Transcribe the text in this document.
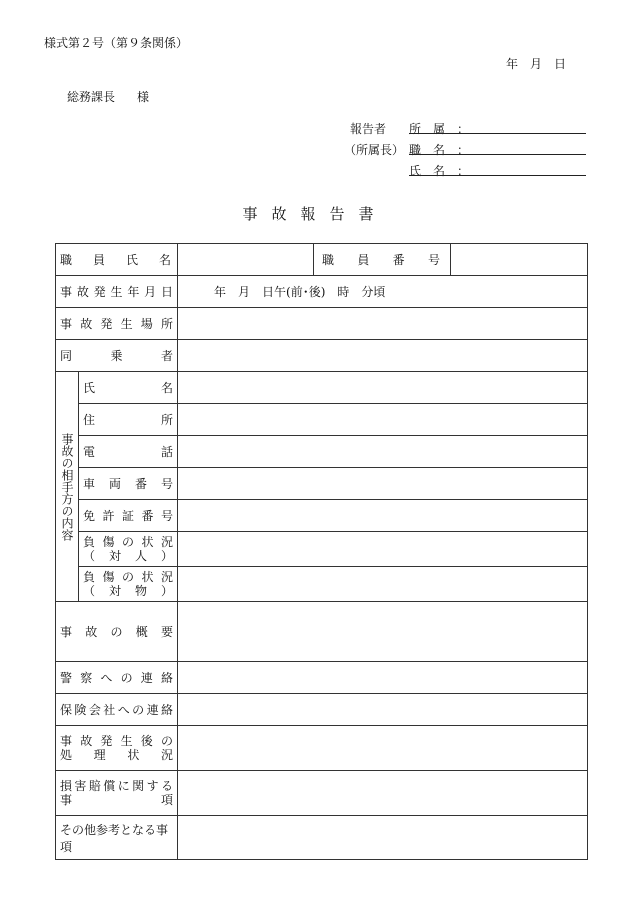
様式第２号（第９条関係）
年　月　日
総務課長 様
報告者
（所属長）
所　属　：
職　名　：
氏　名　：
事故報告書
職員氏名			職員番号	
事故発生年月日		年　月　日午(前･後)　時　分頃		
事故発生場所				
同乗者				
事故の相手方の内容	氏名			
	住所			
	電話			
	車両番号			
	免許証番号			

	負傷の状況
（対人）			

	負傷の状況
（対物）			

事故の概要				
警察への連絡				
保険会社への連絡				

事故発生後の
処理状況				

損害賠償に関する
事項				

その他参考となる事項				
